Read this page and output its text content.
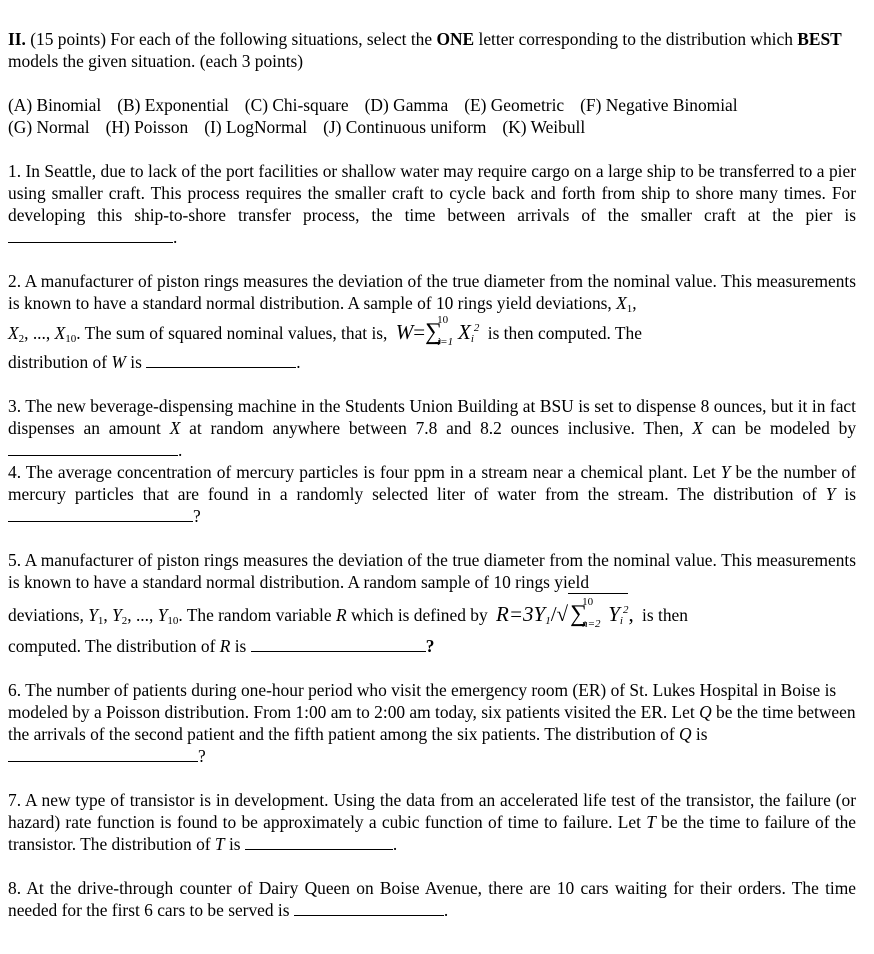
II. (15 points) For each of the following situations, select the ONE letter corresponding to the distribution which BEST models the given situation. (each 3 points)

(A) Binomial (B) Exponential (C) Chi-square (D) Gamma (E) Geometric (F) Negative Binomial

(G) Normal (H) Poisson (I) LogNormal (J) Continuous uniform (K) Weibull

1. In Seattle, due to lack of the port facilities or shallow water may require cargo on a large ship to be transferred to a pier using smaller craft. This process requires the smaller craft to cycle back and forth from ship to shore many times. For developing this ship-to-shore transfer process, the time between arrivals of the smaller craft at the pier is .

2. A manufacturer of piston rings measures the deviation of the true diameter from the nominal value. This measurements is known to have a standard normal distribution. A sample of 10 rings yield deviations, $X_1$,

$X_2$, ..., $X_{10}$. The sum of squared nominal values, that is, W=∑
10
i=1 $X_i^2$ is then computed. The

distribution of W is	.

3. The new beverage-dispensing machine in the Students Union Building at BSU is set to dispense 8 ounces, but it in fact dispenses an amount X at random anywhere between 7.8 and 8.2 ounces inclusive. Then, X can be modeled by .

4. The average concentration of mercury particles is four ppm in a stream near a chemical plant. Let Y be the number of mercury particles that are found in a randomly selected liter of water from the stream. The distribution of Y is ?

5. A manufacturer of piston rings measures the deviation of the true diameter from the nominal value. This measurements is known to have a standard normal distribution. A random sample of 10 rings yield

deviations, $Y_1$, $Y_2$, ..., $Y_{10}$. The random variable R which is defined by $R=3Y_1/√\sum$
10
n=2 $Y_i^2$, is then

computed. The distribution of R is	?

6. The number of patients during one-hour period who visit the emergency room (ER) of St. Lukes Hospital in Boise is modeled by a Poisson distribution. From 1:00 am to 2:00 am today, six patients visited the ER. Let Q be the time between the arrivals of the second patient and the fifth patient among the six patients. The distribution of Q is?

7. A new type of transistor is in development. Using the data from an accelerated life test of the transistor, the failure (or hazard) rate function is found to be approximately a cubic function of time to failure. Let T be the time to failure of the transistor. The distribution of T is	.

8. At the drive-through counter of Dairy Queen on Boise Avenue, there are 10 cars waiting for their orders. The time needed for the first 6 cars to be served is	.
